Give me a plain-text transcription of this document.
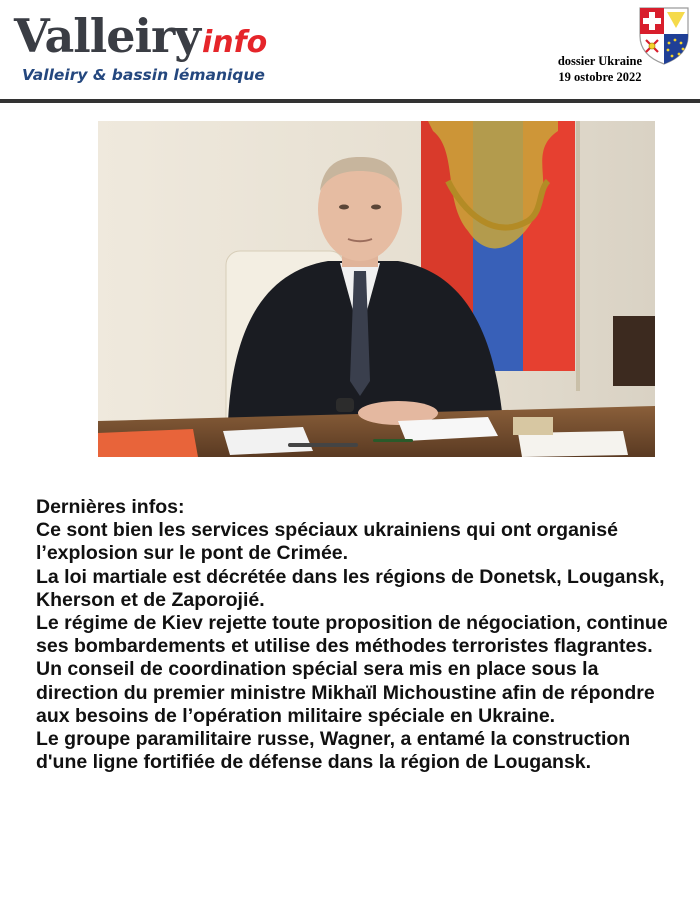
Valleiryinfo
Valleiry & bassin lémanique
dossier Ukraine
19 ostobre 2022

Dernières infos:

Ce sont bien les services spéciaux ukrainiens qui ont organisé l’explosion sur le pont de Crimée.

La loi martiale est décrétée dans les régions de Donetsk, Lougansk, Kherson et de Zaporojié.

Le régime de Kiev rejette toute proposition de négociation, continue ses bombardements et utilise des méthodes terroristes flagrantes.

Un conseil de coordination spécial sera mis en place sous la direction du premier ministre Mikhaïl Michoustine afin de répondre aux besoins de l’opération militaire spéciale en Ukraine.

Le groupe paramilitaire russe, Wagner, a entamé la construction d'une ligne fortifiée de défense dans la région de Lougansk.
